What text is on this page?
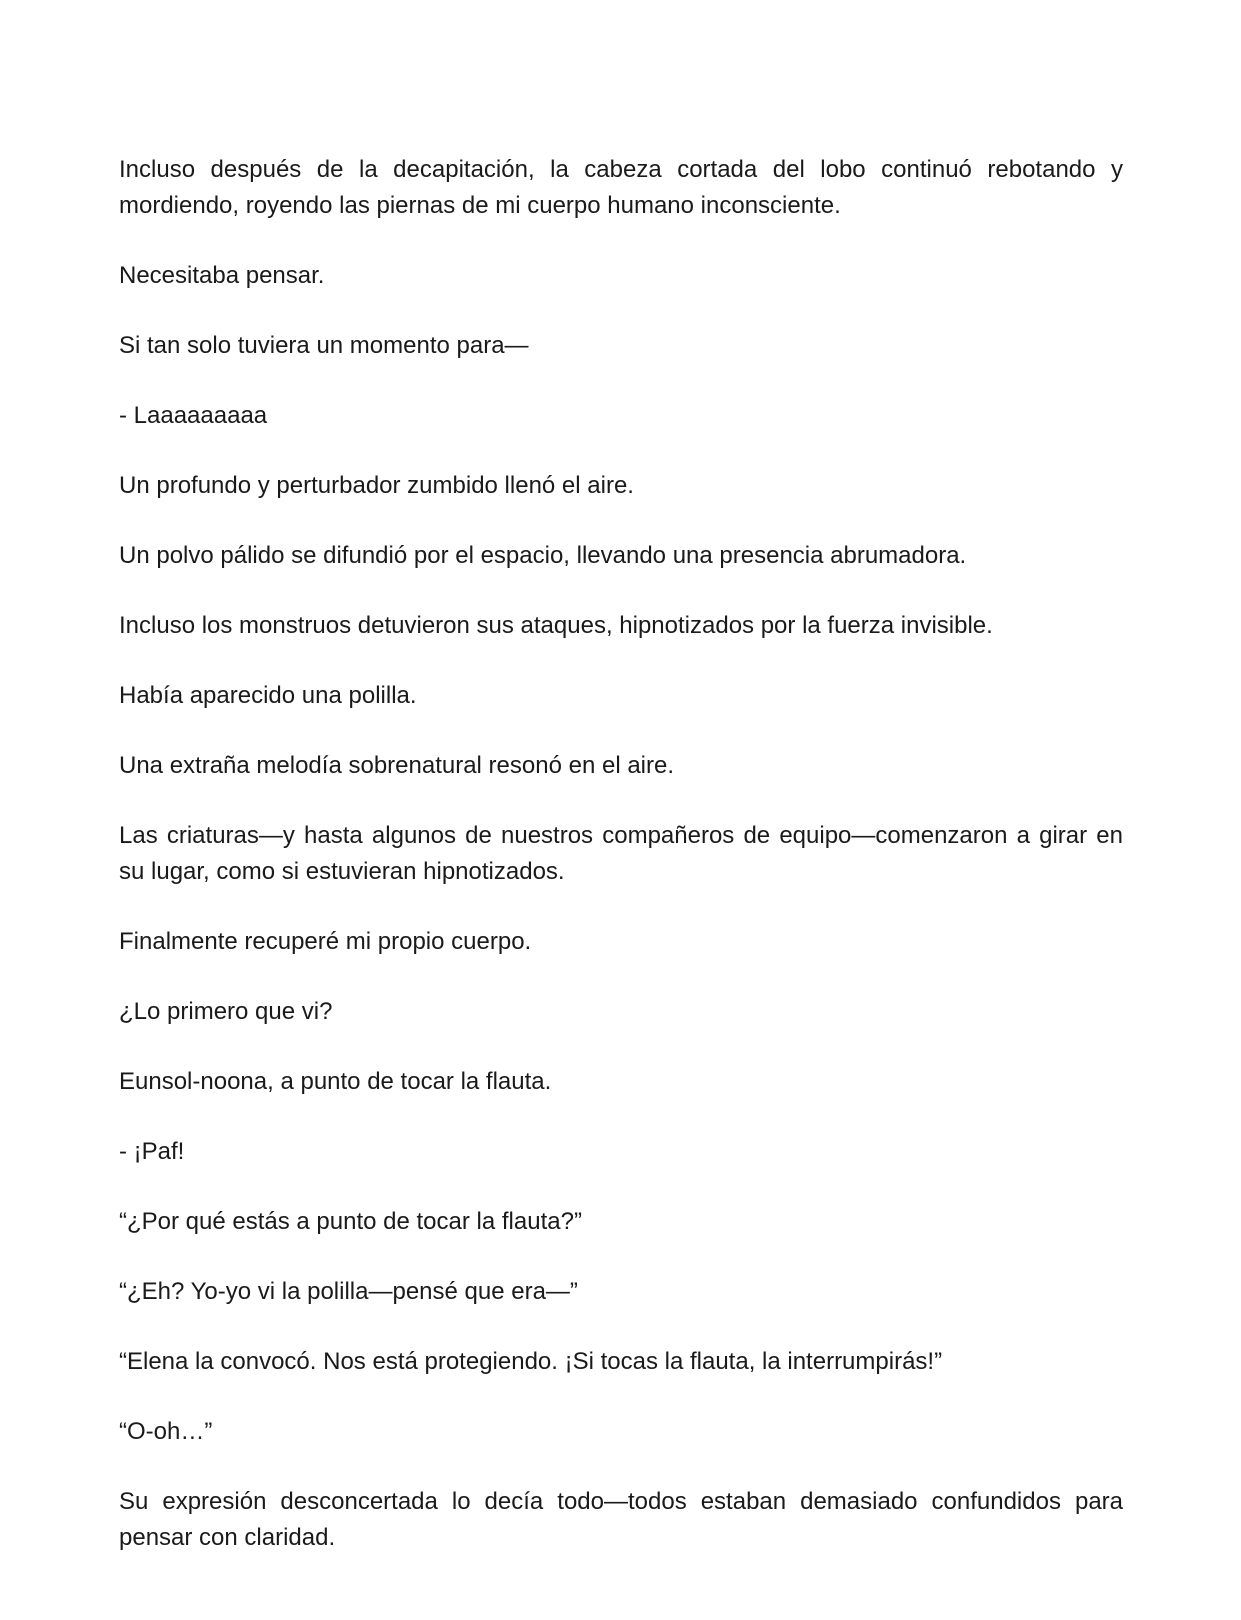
Incluso después de la decapitación, la cabeza cortada del lobo continuó rebotando y mordiendo, royendo las piernas de mi cuerpo humano inconsciente.

Necesitaba pensar.

Si tan solo tuviera un momento para—

- Laaaaaaaaa

Un profundo y perturbador zumbido llenó el aire.

Un polvo pálido se difundió por el espacio, llevando una presencia abrumadora.

Incluso los monstruos detuvieron sus ataques, hipnotizados por la fuerza invisible.

Había aparecido una polilla.

Una extraña melodía sobrenatural resonó en el aire.

Las criaturas—y hasta algunos de nuestros compañeros de equipo—comenzaron a girar en su lugar, como si estuvieran hipnotizados.

Finalmente recuperé mi propio cuerpo.

¿Lo primero que vi?

Eunsol-noona, a punto de tocar la flauta.

- ¡Paf!

“¿Por qué estás a punto de tocar la flauta?”

“¿Eh? Yo-yo vi la polilla—pensé que era—”

“Elena la convocó. Nos está protegiendo. ¡Si tocas la flauta, la interrumpirás!”

“O-oh…”

Su expresión desconcertada lo decía todo—todos estaban demasiado confundidos para pensar con claridad.
